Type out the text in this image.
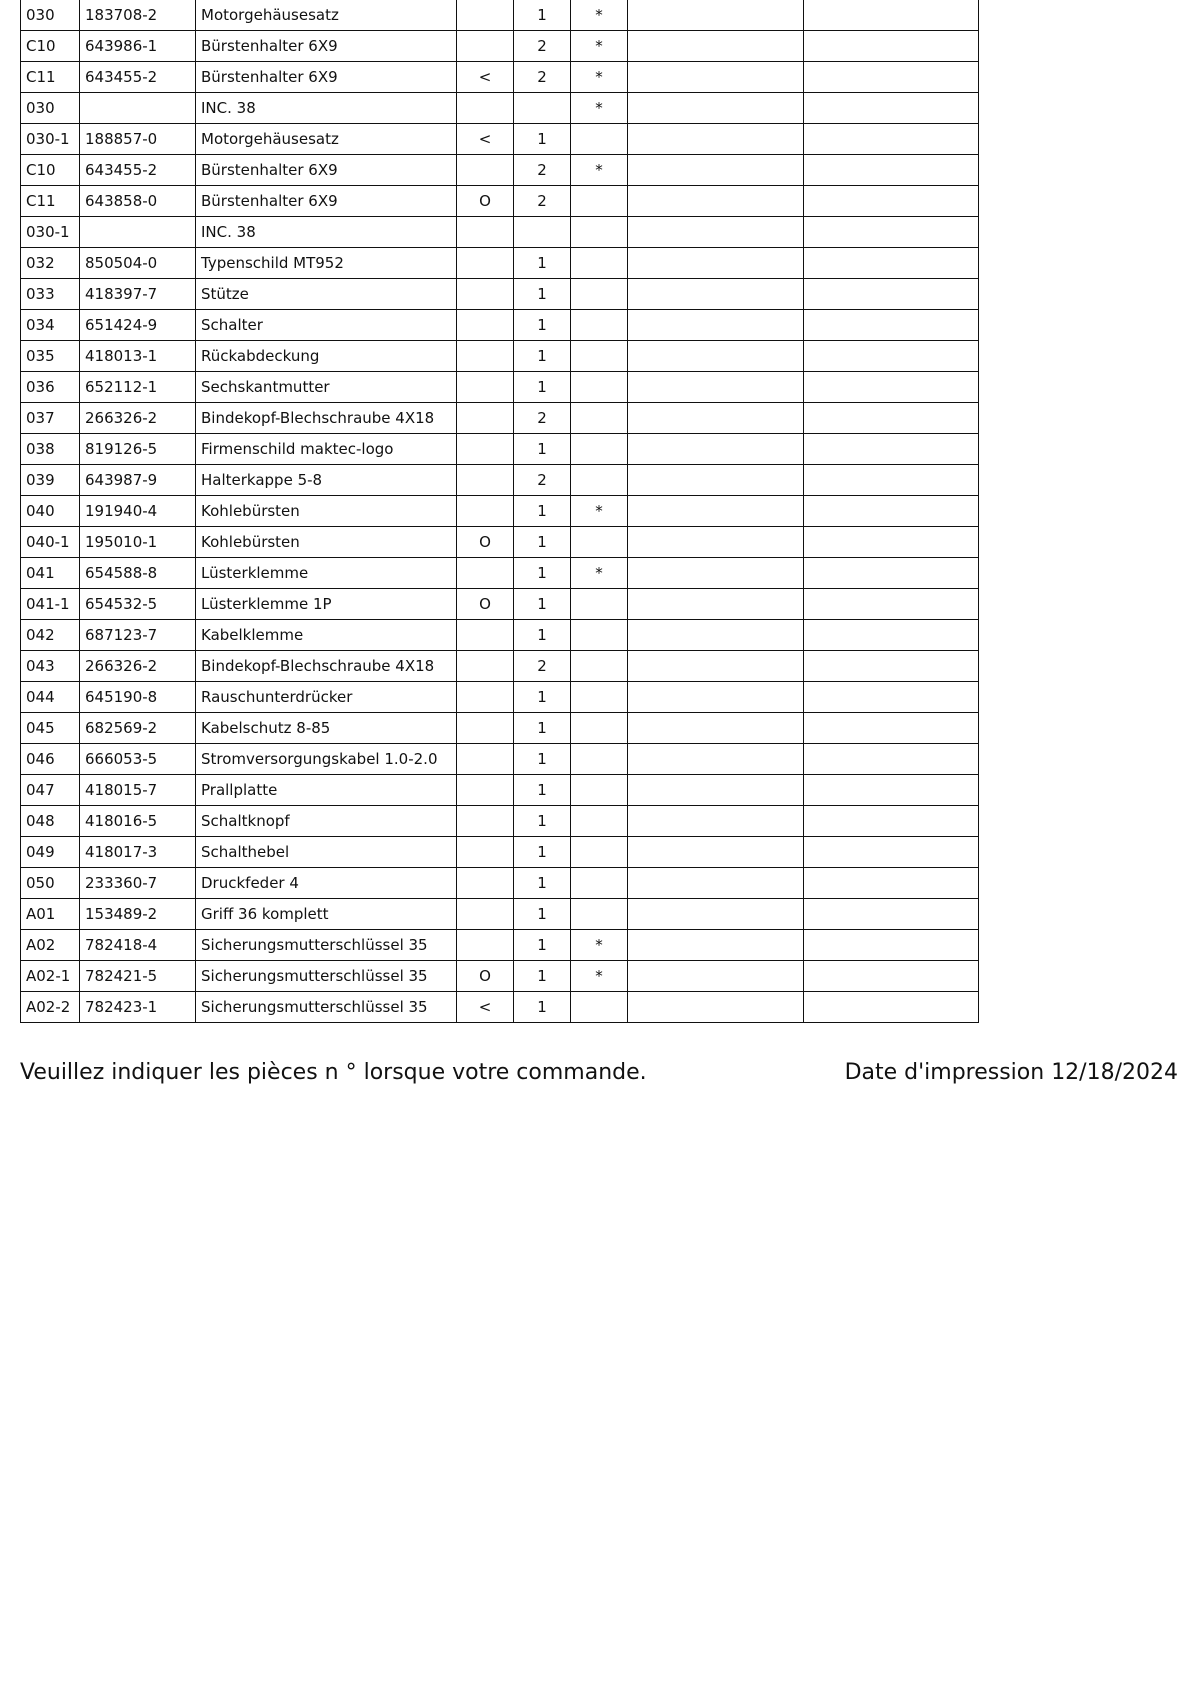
030	183708-2	Motorgehäusesatz		1	*		
C10	643986-1	Bürstenhalter 6X9		2	*		
C11	643455-2	Bürstenhalter 6X9	<	2	*		
030		INC. 38			*		
030-1	188857-0	Motorgehäusesatz	<	1			
C10	643455-2	Bürstenhalter 6X9		2	*		
C11	643858-0	Bürstenhalter 6X9	O	2			
030-1		INC. 38					
032	850504-0	Typenschild MT952		1			
033	418397-7	Stütze		1			
034	651424-9	Schalter		1			
035	418013-1	Rückabdeckung		1			
036	652112-1	Sechskantmutter		1			
037	266326-2	Bindekopf-Blechschraube 4X18		2			
038	819126-5	Firmenschild maktec-logo		1			
039	643987-9	Halterkappe 5-8		2			
040	191940-4	Kohlebürsten		1	*		
040-1	195010-1	Kohlebürsten	O	1			
041	654588-8	Lüsterklemme		1	*		
041-1	654532-5	Lüsterklemme 1P	O	1			
042	687123-7	Kabelklemme		1			
043	266326-2	Bindekopf-Blechschraube 4X18		2			
044	645190-8	Rauschunterdrücker		1			
045	682569-2	Kabelschutz 8-85		1			
046	666053-5	Stromversorgungskabel 1.0-2.0		1			
047	418015-7	Prallplatte		1			
048	418016-5	Schaltknopf		1			
049	418017-3	Schalthebel		1			
050	233360-7	Druckfeder 4		1			
A01	153489-2	Griff 36 komplett		1			
A02	782418-4	Sicherungsmutterschlüssel 35		1	*		
A02-1	782421-5	Sicherungsmutterschlüssel 35	O	1	*		
A02-2	782423-1	Sicherungsmutterschlüssel 35	<	1			
Veuillez indiquer les pièces n ° lorsque votre commande.	Date d'impression 12/18/2024
